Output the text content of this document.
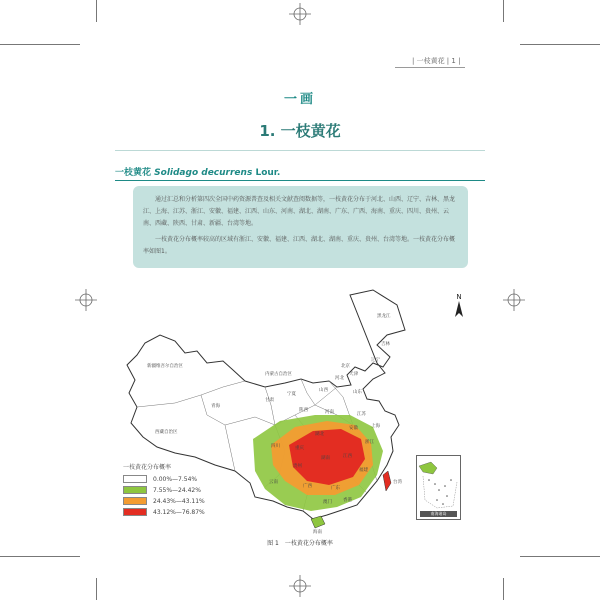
| 一枝黄花 | 1 |
一画
1. 一枝黄花
一枝黄花 Solidago decurrens Lour.

通过汇总和分析第四次全国中药资源普查及相关文献查阅数据等，一枝黄花分布于河北、山西、辽宁、吉林、黑龙江、上海、江苏、浙江、安徽、福建、江西、山东、河南、湖北、湖南、广东、广西、海南、重庆、四川、贵州、云南、西藏、陕西、甘肃、新疆、台湾等地。

一枝黄花分布概率较高的区域有浙江、安徽、福建、江西、湖北、湖南、重庆、贵州、台湾等地。一枝黄花分布概率如图1。

黑龙江
吉林
辽宁
北京
天津
河北
山西	山东
内蒙古自治区
新疆维吾尔自治区
西藏自治区
青海
甘肃
宁夏
陕西	河南	江苏
上海
安徽
浙江
湖北
四川	重庆
湖南	江西
福建
贵州
云南
广西	广东
台湾
香港
澳门
海南
N
一枝黄花分布概率
0.00%—7.54%
7.55%—24.42%
24.43%—43.11%
43.12%—76.87%	南海诸岛
图 1　一枝黄花分布概率
